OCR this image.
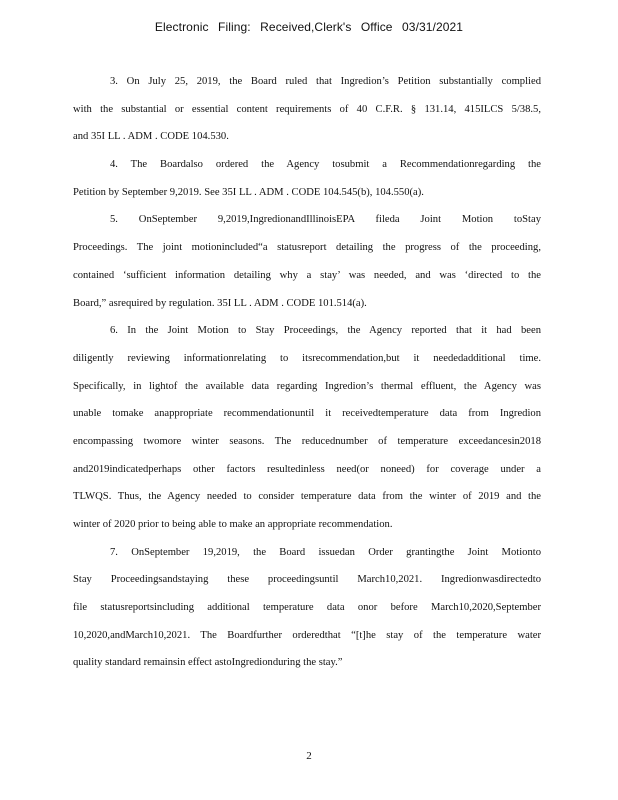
Electronic Filing: Received,Clerk's Office 03/31/2021
3. On July 25, 2019, the Board ruled that Ingredion’s Petition substantially complied
with the substantial or essential content requirements of 40 C.F.R. § 131.14, 415ILCS 5/38.5,
and 35I LL . ADM . CODE 104.530.
4. The Boardalso ordered the Agency tosubmit a Recommendationregarding the
Petition by September 9,2019. See 35I LL . ADM . CODE 104.545(b), 104.550(a).
5. OnSeptember 9,2019,IngredionandIllinoisEPA fileda Joint Motion toStay
Proceedings. The joint motionincluded“a statusreport detailing the progress of the proceeding,
contained ‘sufficient information detailing why a stay’ was needed, and was ‘directed to the
Board,” asrequired by regulation. 35I LL . ADM . CODE 101.514(a).
6. In the Joint Motion to Stay Proceedings, the Agency reported that it had been
diligently reviewing informationrelating to itsrecommendation,but it neededadditional time.
Specifically, in lightof the available data regarding Ingredion’s thermal effluent, the Agency was
unable tomake anappropriate recommendationuntil it receivedtemperature data from Ingredion
encompassing twomore winter seasons. The reducednumber of temperature exceedancesin2018
and2019indicatedperhaps other factors resultedinless need(or noneed) for coverage under a
TLWQS. Thus, the Agency needed to consider temperature data from the winter of 2019 and the
winter of 2020 prior to being able to make an appropriate recommendation.
7. OnSeptember 19,2019, the Board issuedan Order grantingthe Joint Motionto
Stay Proceedingsandstaying these proceedingsuntil March10,2021. Ingredionwasdirectedto
file statusreportsincluding additional temperature data onor before March10,2020,September
10,2020,andMarch10,2021. The Boardfurther orderedthat “[t]he stay of the temperature water
quality standard remainsin effect astoIngredionduring the stay.”
2
